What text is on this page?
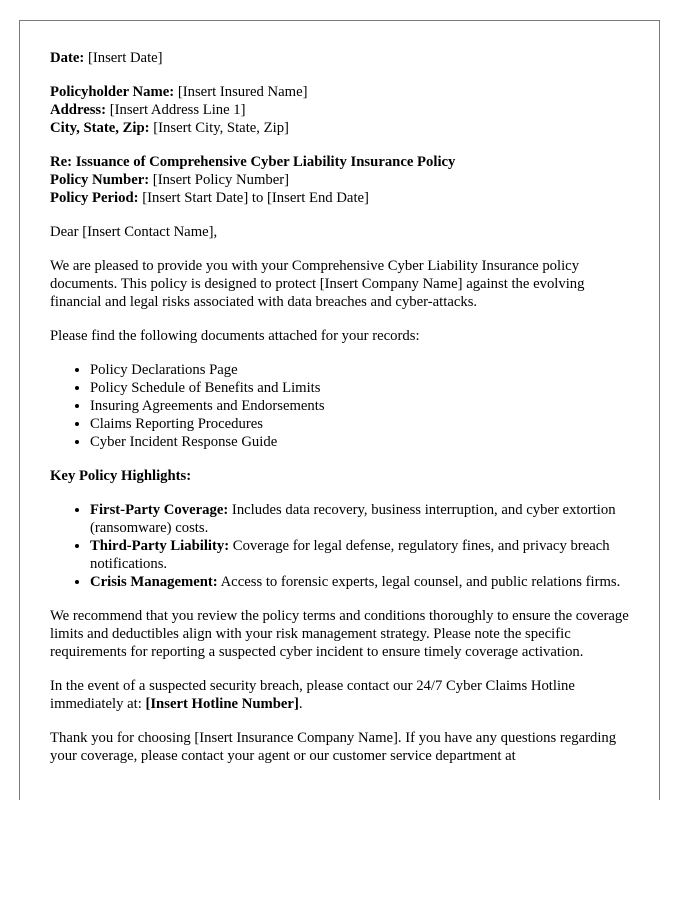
Date: [Insert Date]

Policyholder Name: [Insert Insured Name]
Address: [Insert Address Line 1]
City, State, Zip: [Insert City, State, Zip]

Re: Issuance of Comprehensive Cyber Liability Insurance Policy
Policy Number: [Insert Policy Number]
Policy Period: [Insert Start Date] to [Insert End Date]

Dear [Insert Contact Name],

We are pleased to provide you with your Comprehensive Cyber Liability Insurance policy documents. This policy is designed to protect [Insert Company Name] against the evolving financial and legal risks associated with data breaches and cyber-attacks.

Please find the following documents attached for your records:

• Policy Declarations Page
• Policy Schedule of Benefits and Limits
• Insuring Agreements and Endorsements
• Claims Reporting Procedures
• Cyber Incident Response Guide

Key Policy Highlights:

• First-Party Coverage: Includes data recovery, business interruption, and cyber extortion (ransomware) costs.
• Third-Party Liability: Coverage for legal defense, regulatory fines, and privacy breach notifications.
• Crisis Management: Access to forensic experts, legal counsel, and public relations firms.

We recommend that you review the policy terms and conditions thoroughly to ensure the coverage limits and deductibles align with your risk management strategy. Please note the specific requirements for reporting a suspected cyber incident to ensure timely coverage activation.

In the event of a suspected security breach, please contact our 24/7 Cyber Claims Hotline immediately at: [Insert Hotline Number].

Thank you for choosing [Insert Insurance Company Name]. If you have any questions regarding your coverage, please contact your agent or our customer service department at
